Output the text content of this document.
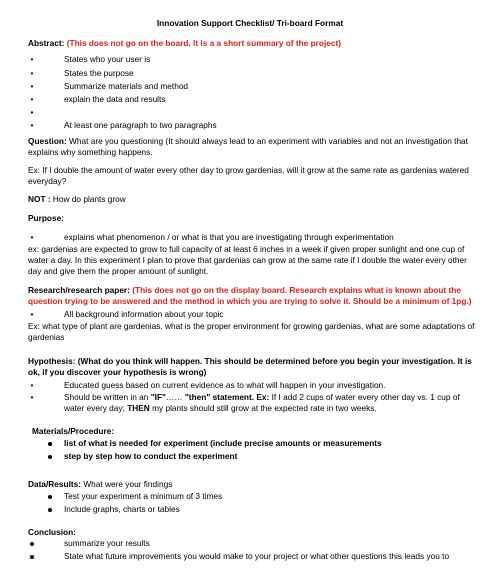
Innovation Support Checklist/ Tri-board Format
Abstract: (This does not go on the board. It is a a short summary of the project)
•	States who your user is
•	States the purpose
•	Summarize materials and method
•	explain the data and results
•
•	At least one paragraph to two paragraphs
Question: What are you questioning (It should always lead to an experiment with variables and not an investigation that explains why something happens.
Ex: If I double the amount of water every other day to grow gardenias, will it grow at the same rate as gardenias watered everyday?
NOT : How do plants grow
Purpose:
•	explains what phenomenon / or what is that you are investigating through experimentation
ex: gardenias are expected to grow to full capacity of at least 6 inches in a week if given proper sunlight and one cup of water a day. In this experiment I plan to prove that gardenias can grow at the same rate if I double the water every other day and give them the proper amount of sunlight.
Research/research paper: (This does not go on the display board. Research explains what is known about the question trying to be answered and the method in which you are trying to solve it. Should be a minimum of 1pg.)
•	All background information about your topic
Ex: what type of plant are gardenias, what is the proper environment for growing gardenias, what are some adaptations of gardenias
Hypothesis: (What do you think will happen. This should be determined before you begin your investigation. It is ok, if you discover your hypothesis is wrong)
•	Educated guess based on current evidence as to what will happen in your investigation.
•	Should be written in an "IF"…… "then" statement. Ex: If I add 2 cups of water every other day vs. 1 cup of water every day; THEN my plants should still grow at the expected rate in two weeks.
Materials/Procedure:
list of what is needed for experiment (include precise amounts or measurements
step by step how to conduct the experiment
Data/Results: What were your findings
Test your experiment a minimum of 3 times
Include graphs, charts or tables
Conclusion:
summarize your results
State what future improvements you would make to your project or what other questions this leads you to
